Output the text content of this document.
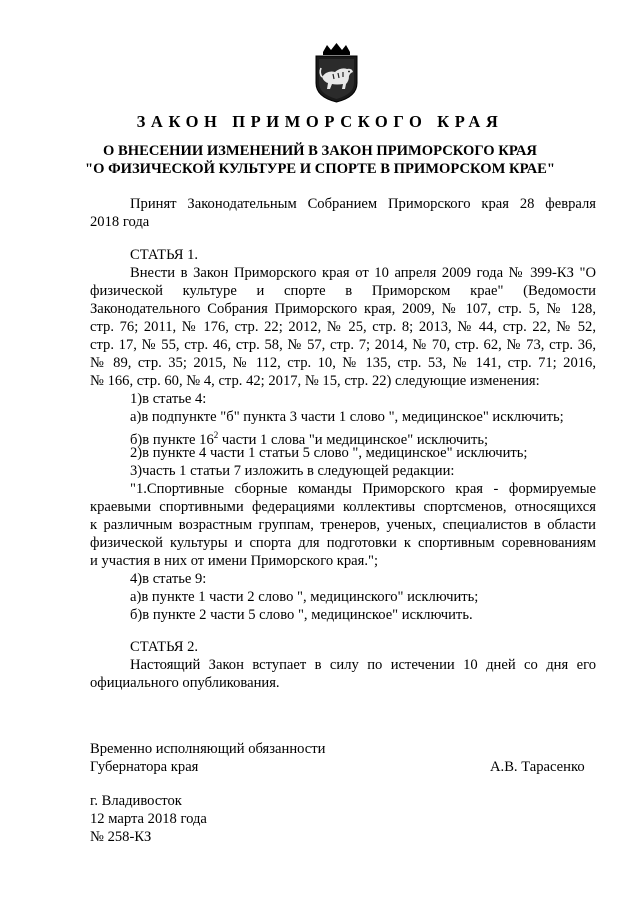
ЗАКОН ПРИМОРСКОГО КРАЯ
О ВНЕСЕНИИ ИЗМЕНЕНИЙ В ЗАКОН ПРИМОРСКОГО КРАЯ
"О ФИЗИЧЕСКОЙ КУЛЬТУРЕ И СПОРТЕ В ПРИМОРСКОМ КРАЕ"
Принят Законодательным Собранием Приморского края 28 февраля
2018 года
СТАТЬЯ 1.
Внести в Закон Приморского края от 10 апреля 2009 года № 399-КЗ "О
физической культуре и спорте в Приморском крае" (Ведомости
Законодательного Собрания Приморского края, 2009, № 107, стр. 5, № 128,
стр. 76; 2011, № 176, стр. 22; 2012, № 25, стр. 8; 2013, № 44, стр. 22, № 52,
стр. 17, № 55, стр. 46, стр. 58, № 57, стр. 7; 2014, № 70, стр. 62, № 73, стр. 36,
№ 89, стр. 35; 2015, № 112, стр. 10, № 135, стр. 53, № 141, стр. 71; 2016,
№ 166, стр. 60, № 4, стр. 42; 2017, № 15, стр. 22) следующие изменения:
1)в статье 4:
а)в подпункте "б" пункта 3 части 1 слово ", медицинское" исключить;
б)в пункте $16^2$ части 1 слова "и медицинское" исключить;
2)в пункте 4 части 1 статьи 5 слово ", медицинское" исключить;
3)часть 1 статьи 7 изложить в следующей редакции:
"1.Спортивные сборные команды Приморского края - формируемые
краевыми спортивными федерациями коллективы спортсменов, относящихся
к различным возрастным группам, тренеров, ученых, специалистов в области
физической культуры и спорта для подготовки к спортивным соревнованиям
и участия в них от имени Приморского края.";
4)в статье 9:
а)в пункте 1 части 2 слово ", медицинского" исключить;
б)в пункте 2 части 5 слово ", медицинское" исключить.
СТАТЬЯ 2.
Настоящий Закон вступает в силу по истечении 10 дней со дня его
официального опубликования.
Временно исполняющий обязанности
Губернатора края	А.В. Тарасенко
г. Владивосток
12 марта 2018 года
№ 258-КЗ
